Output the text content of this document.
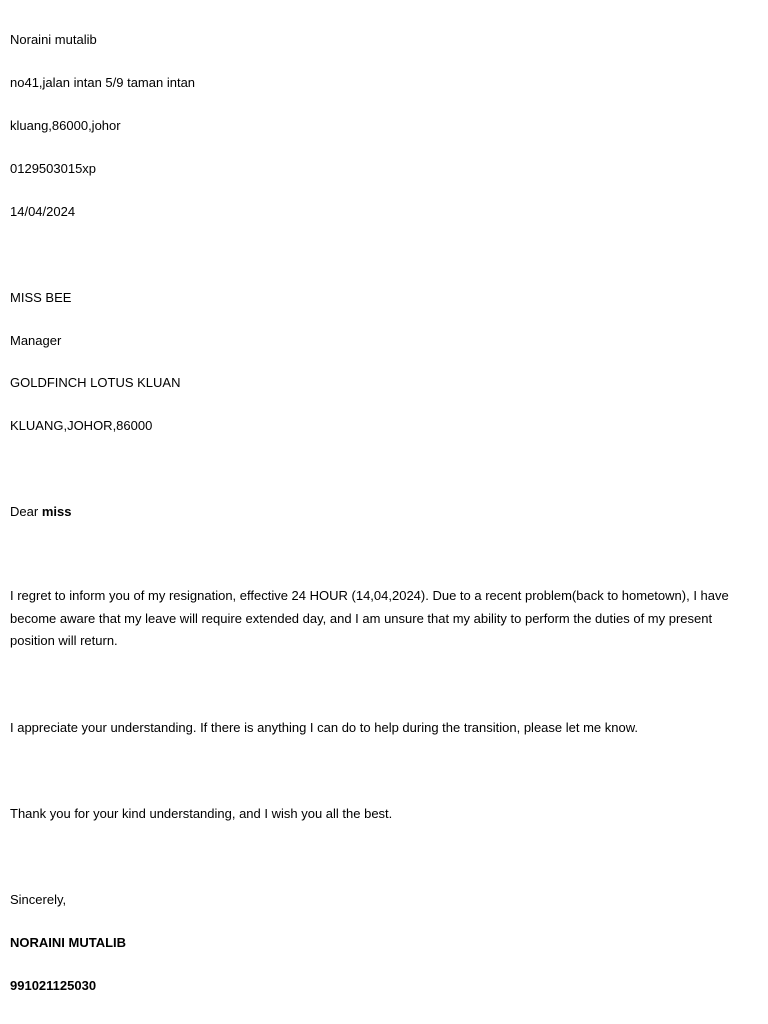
Noraini mutalib
no41,jalan intan 5/9 taman intan
kluang,86000,johor
0129503015xp
14/04/2024
MISS BEE
Manager
GOLDFINCH LOTUS KLUAN
KLUANG,JOHOR,86000
Dear miss
I regret to inform you of my resignation, effective 24 HOUR (14,04,2024). Due to a recent problem(back to hometown), I have become aware that my leave will require extended day, and I am unsure that my ability to perform the duties of my present position will return.
I appreciate your understanding. If there is anything I can do to help during the transition, please let me know.
Thank you for your kind understanding, and I wish you all the best.
Sincerely,
NORAINI MUTALIB
991021125030
